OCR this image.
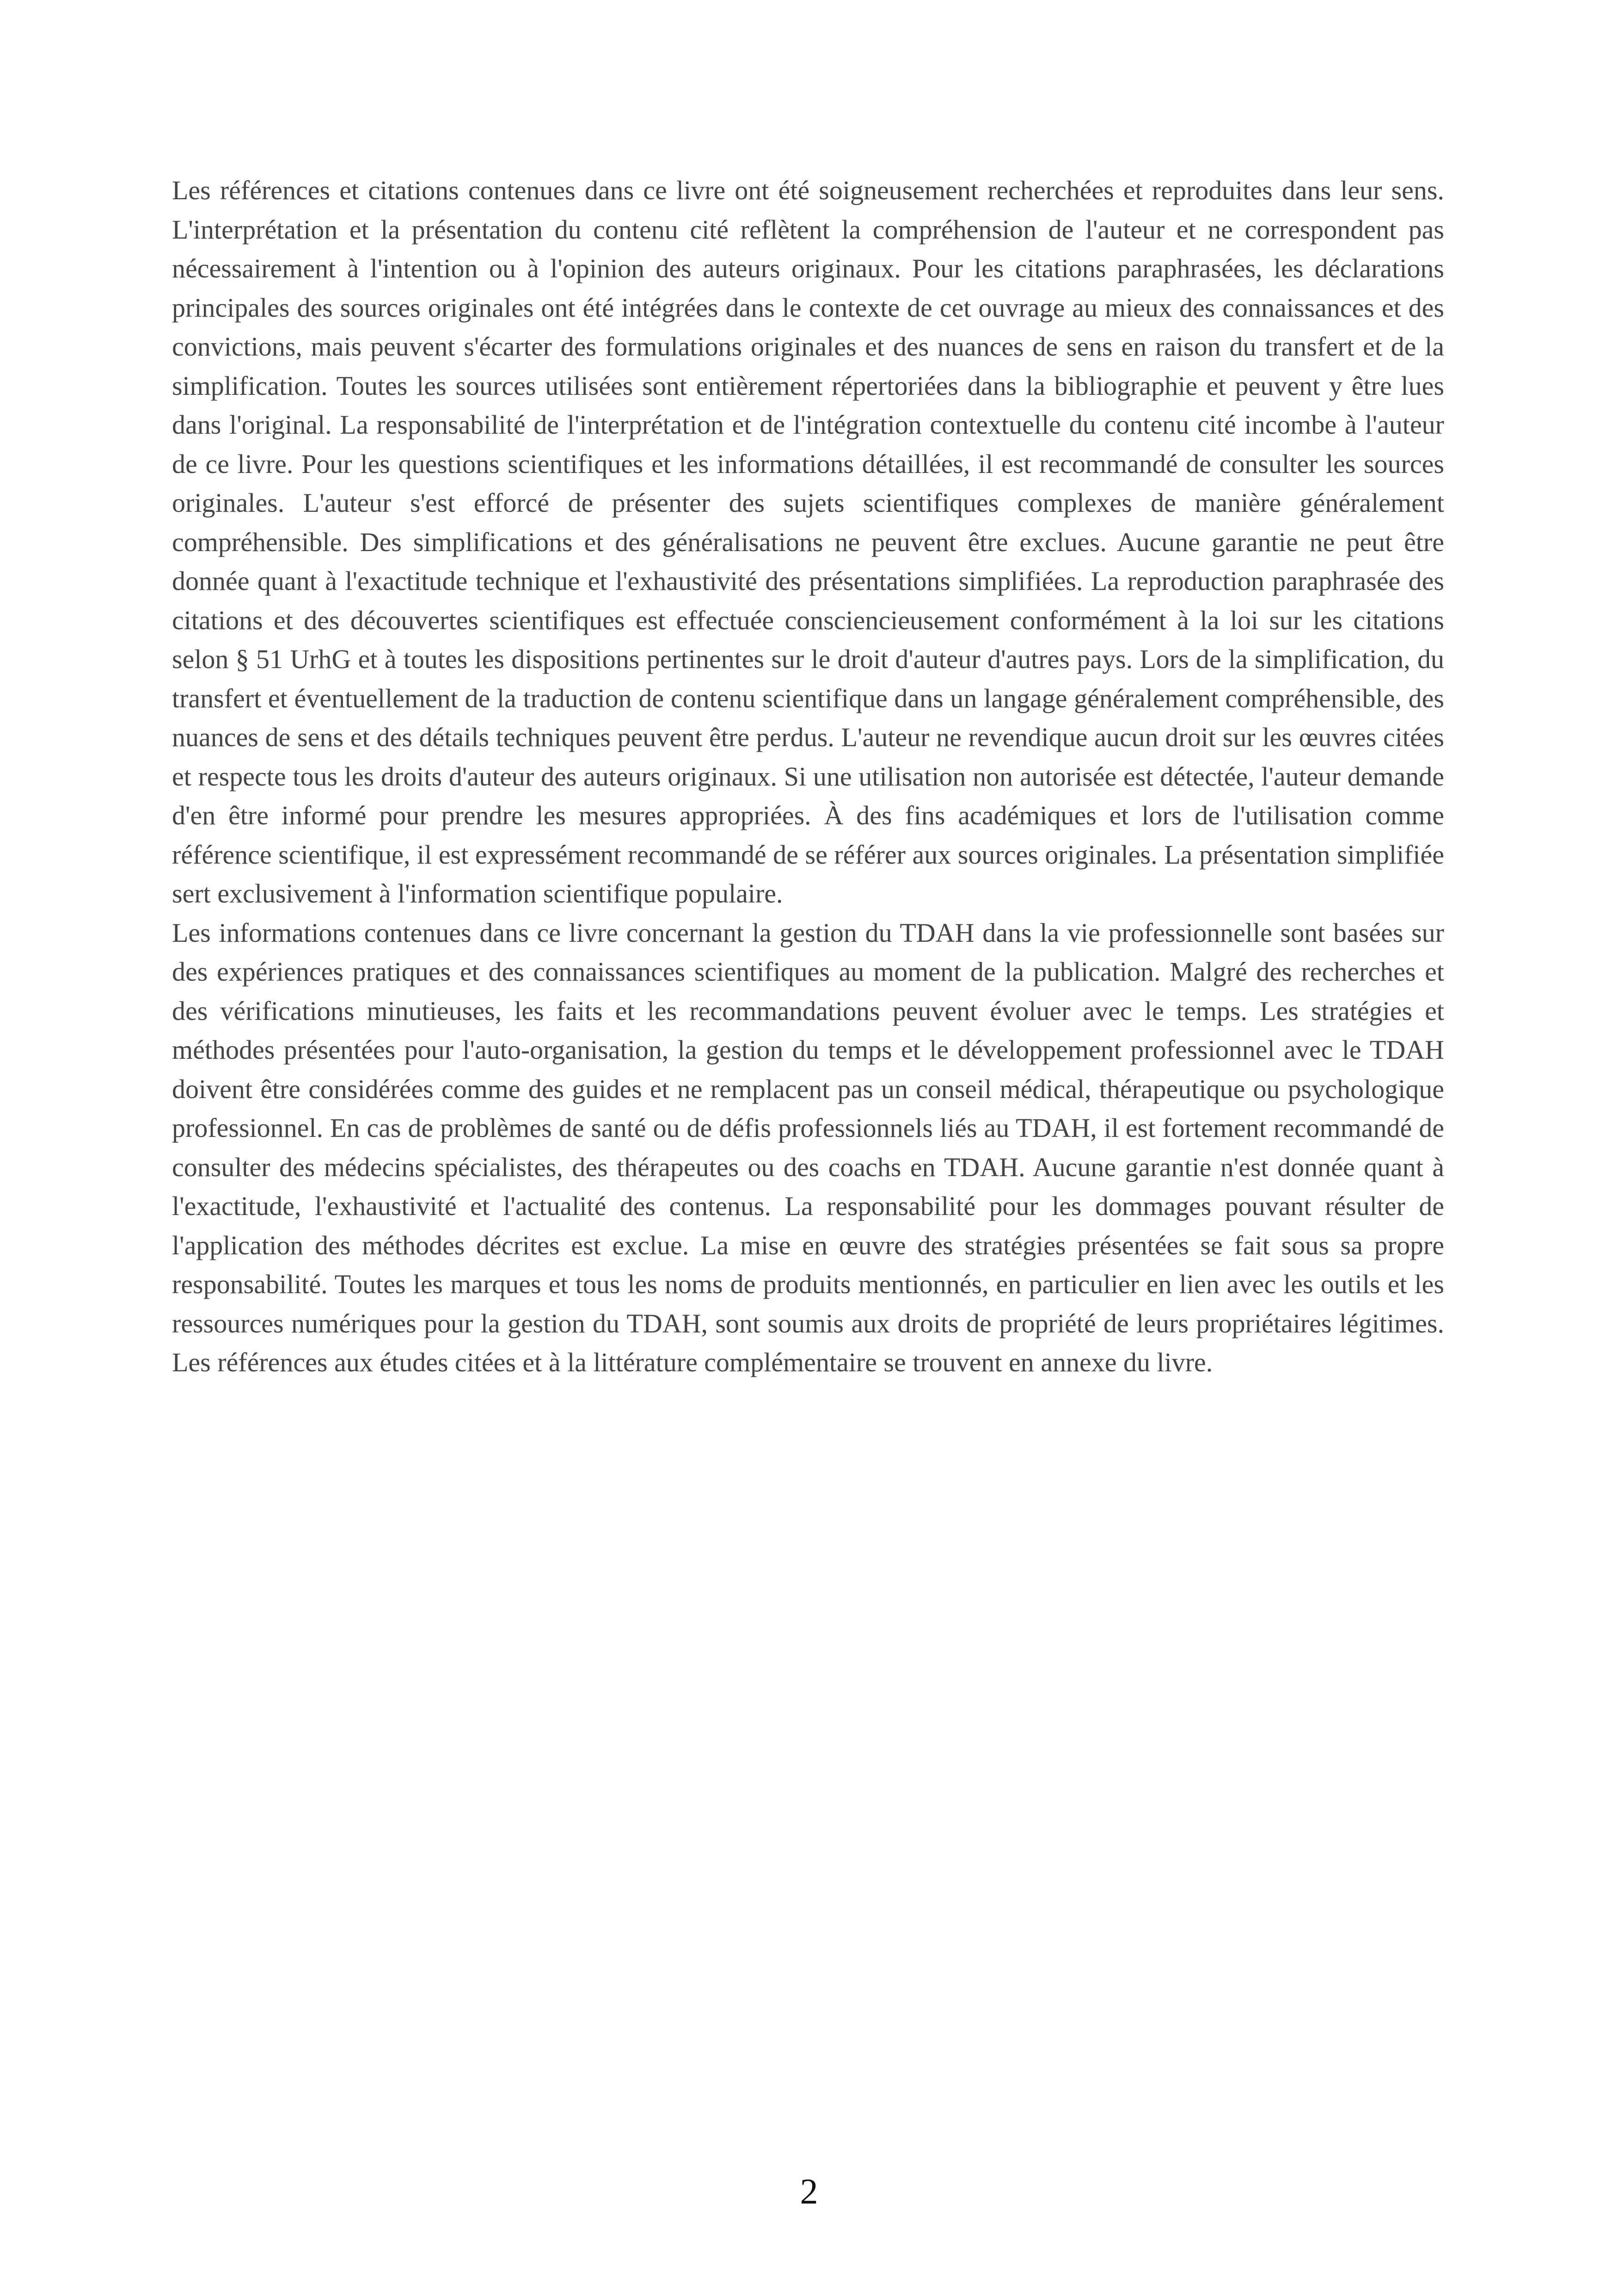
Les références et citations contenues dans ce livre ont été soigneusement recherchées et reproduites dans leur sens. L'interprétation et la présentation du contenu cité reflètent la compréhension de l'auteur et ne correspondent pas nécessairement à l'intention ou à l'opinion des auteurs originaux. Pour les citations paraphrasées, les déclarations principales des sources originales ont été intégrées dans le contexte de cet ouvrage au mieux des connaissances et des convictions, mais peuvent s'écarter des formulations originales et des nuances de sens en raison du transfert et de la simplification. Toutes les sources utilisées sont entièrement répertoriées dans la bibliographie et peuvent y être lues dans l'original. La responsabilité de l'interprétation et de l'intégration contextuelle du contenu cité incombe à l'auteur de ce livre. Pour les questions scientifiques et les informations détaillées, il est recommandé de consulter les sources originales. L'auteur s'est efforcé de présenter des sujets scientifiques complexes de manière généralement compréhensible. Des simplifications et des généralisations ne peuvent être exclues. Aucune garantie ne peut être donnée quant à l'exactitude technique et l'exhaustivité des présentations simplifiées. La reproduction paraphrasée des citations et des découvertes scientifiques est effectuée consciencieusement conformément à la loi sur les citations selon § 51 UrhG et à toutes les dispositions pertinentes sur le droit d'auteur d'autres pays. Lors de la simplification, du transfert et éventuellement de la traduction de contenu scientifique dans un langage généralement compréhensible, des nuances de sens et des détails techniques peuvent être perdus. L'auteur ne revendique aucun droit sur les œuvres citées et respecte tous les droits d'auteur des auteurs originaux. Si une utilisation non autorisée est détectée, l'auteur demande d'en être informé pour prendre les mesures appropriées. À des fins académiques et lors de l'utilisation comme référence scientifique, il est expressément recommandé de se référer aux sources originales. La présentation simplifiée sert exclusivement à l'information scientifique populaire.

Les informations contenues dans ce livre concernant la gestion du TDAH dans la vie professionnelle sont basées sur des expériences pratiques et des connaissances scientifiques au moment de la publication. Malgré des recherches et des vérifications minutieuses, les faits et les recommandations peuvent évoluer avec le temps. Les stratégies et méthodes présentées pour l'auto-organisation, la gestion du temps et le développement professionnel avec le TDAH doivent être considérées comme des guides et ne remplacent pas un conseil médical, thérapeutique ou psychologique professionnel. En cas de problèmes de santé ou de défis professionnels liés au TDAH, il est fortement recommandé de consulter des médecins spécialistes, des thérapeutes ou des coachs en TDAH. Aucune garantie n'est donnée quant à l'exactitude, l'exhaustivité et l'actualité des contenus. La responsabilité pour les dommages pouvant résulter de l'application des méthodes décrites est exclue. La mise en œuvre des stratégies présentées se fait sous sa propre responsabilité. Toutes les marques et tous les noms de produits mentionnés, en particulier en lien avec les outils et les ressources numériques pour la gestion du TDAH, sont soumis aux droits de propriété de leurs propriétaires légitimes. Les références aux études citées et à la littérature complémentaire se trouvent en annexe du livre.

2
